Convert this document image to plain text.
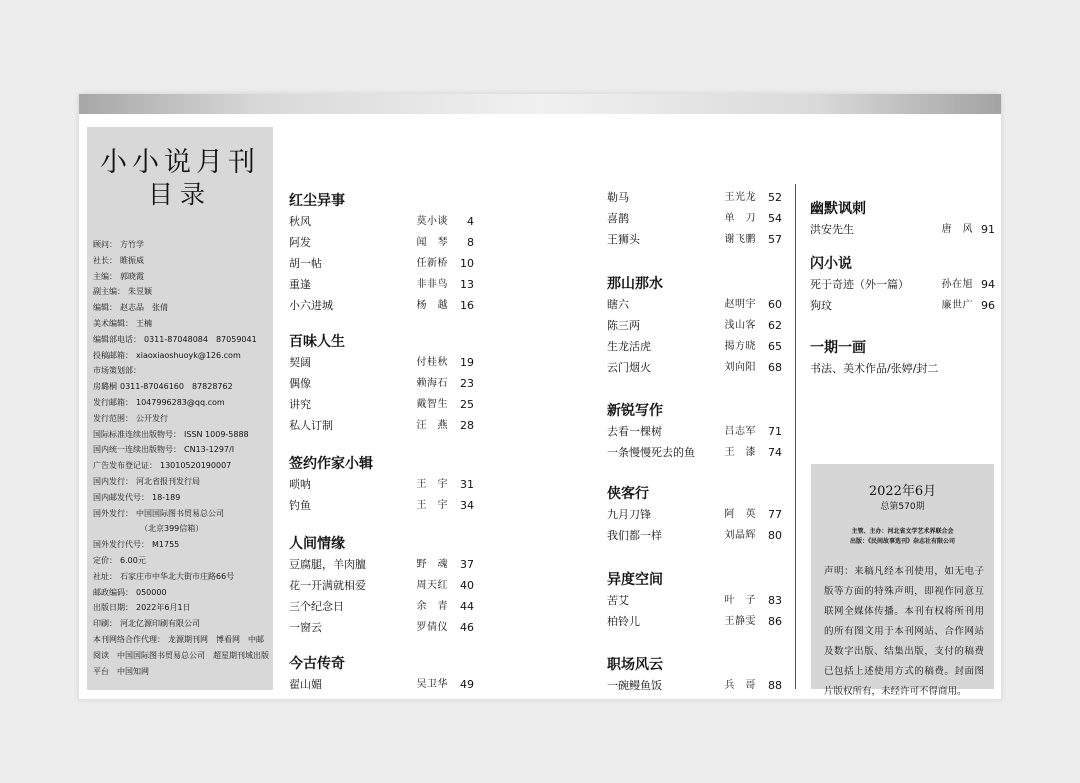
小小说月刊
目录
顾问： 方竹学
社长： 睢振威
主编： 郭晓霞
副主编： 朱昱颖
编辑： 赵志品　张倩
美术编辑： 王楠
编辑部电话： 0311-87048084　87059041
投稿邮箱： xiaoxiaoshuoyk@126.com
市场策划部：
房璐桐 0311-87046160　87828762
发行邮箱： 1047996283@qq.com
发行范围： 公开发行
国际标准连续出版物号： ISSN 1009-5888
国内统一连续出版物号： CN13-1297/I
广告发布登记证： 13010520190007
国内发行： 河北省报刊发行局
国内邮发代号： 18-189
国外发行： 中国国际图书贸易总公司
（北京399信箱）
国外发行代号： M1755
定价： 6.00元
社址： 石家庄市中华北大街市庄路66号
邮政编码： 050000
出版日期： 2022年6月1日
印刷： 河北亿源印刷有限公司
本刊网络合作代理： 龙源期刊网　博看网　中邮阅读　中国国际图书贸易总公司　超星期刊域出版平台　中国知网
红尘异事
秋风	莫小谈	4
阿发	闻　琴	8
胡一帖	任新桥	10
重逢	非非鸟	13
小六进城	杨　越	16
百味人生
契阔	付桂秋	19
偶像	赖海石	23
讲究	戴智生	25
私人订制	汪　燕	28
签约作家小辑
唢呐	王　宇	31
钓鱼	王　宇	34
人间情缘
豆腐腿，羊肉膻	野　魂	37
花一开满就相爱	周天红	40
三个纪念日	余　青	44
一窗云	罗倩仪	46
今古传奇
翟山媚	吴卫华	49
勒马	王光龙	52
喜鹊	单　刀	54
王狮头	谢飞鹏	57
那山那水
瞎六	赵明宇	60
陈三两	浅山客	62
生龙活虎	揭方晓	65
云门烟火	刘向阳	68
新锐写作
去看一棵树	吕志军	71
一条慢慢死去的鱼	王　漆	74
侠客行
九月刀锋	阿　英	77
我们都一样	刘晶辉	80
异度空间
苦艾	叶　子	83
柏铃儿	王静雯	86
职场风云
一碗鳗鱼饭	兵　哥	88
幽默讽刺
洪安先生	唐　风 91
闪小说
死于奇迹（外一篇）	孙在旭 94
狗玟	廉世广 96
一期一画
书法、美术作品/张婷/封二
2022年6月
总第570期
主管、主办：河北省文学艺术界联合会
出版：《民间故事选刊》杂志社有限公司
声明：来稿凡经本刊使用，如无电子版等方面的特殊声明，即视作同意互联网全媒体传播。本刊有权将所刊用的所有图文用于本刊网站、合作网站及数字出版、结集出版，支付的稿费已包括上述使用方式的稿费。封面图片版权所有，未经许可不得商用。
